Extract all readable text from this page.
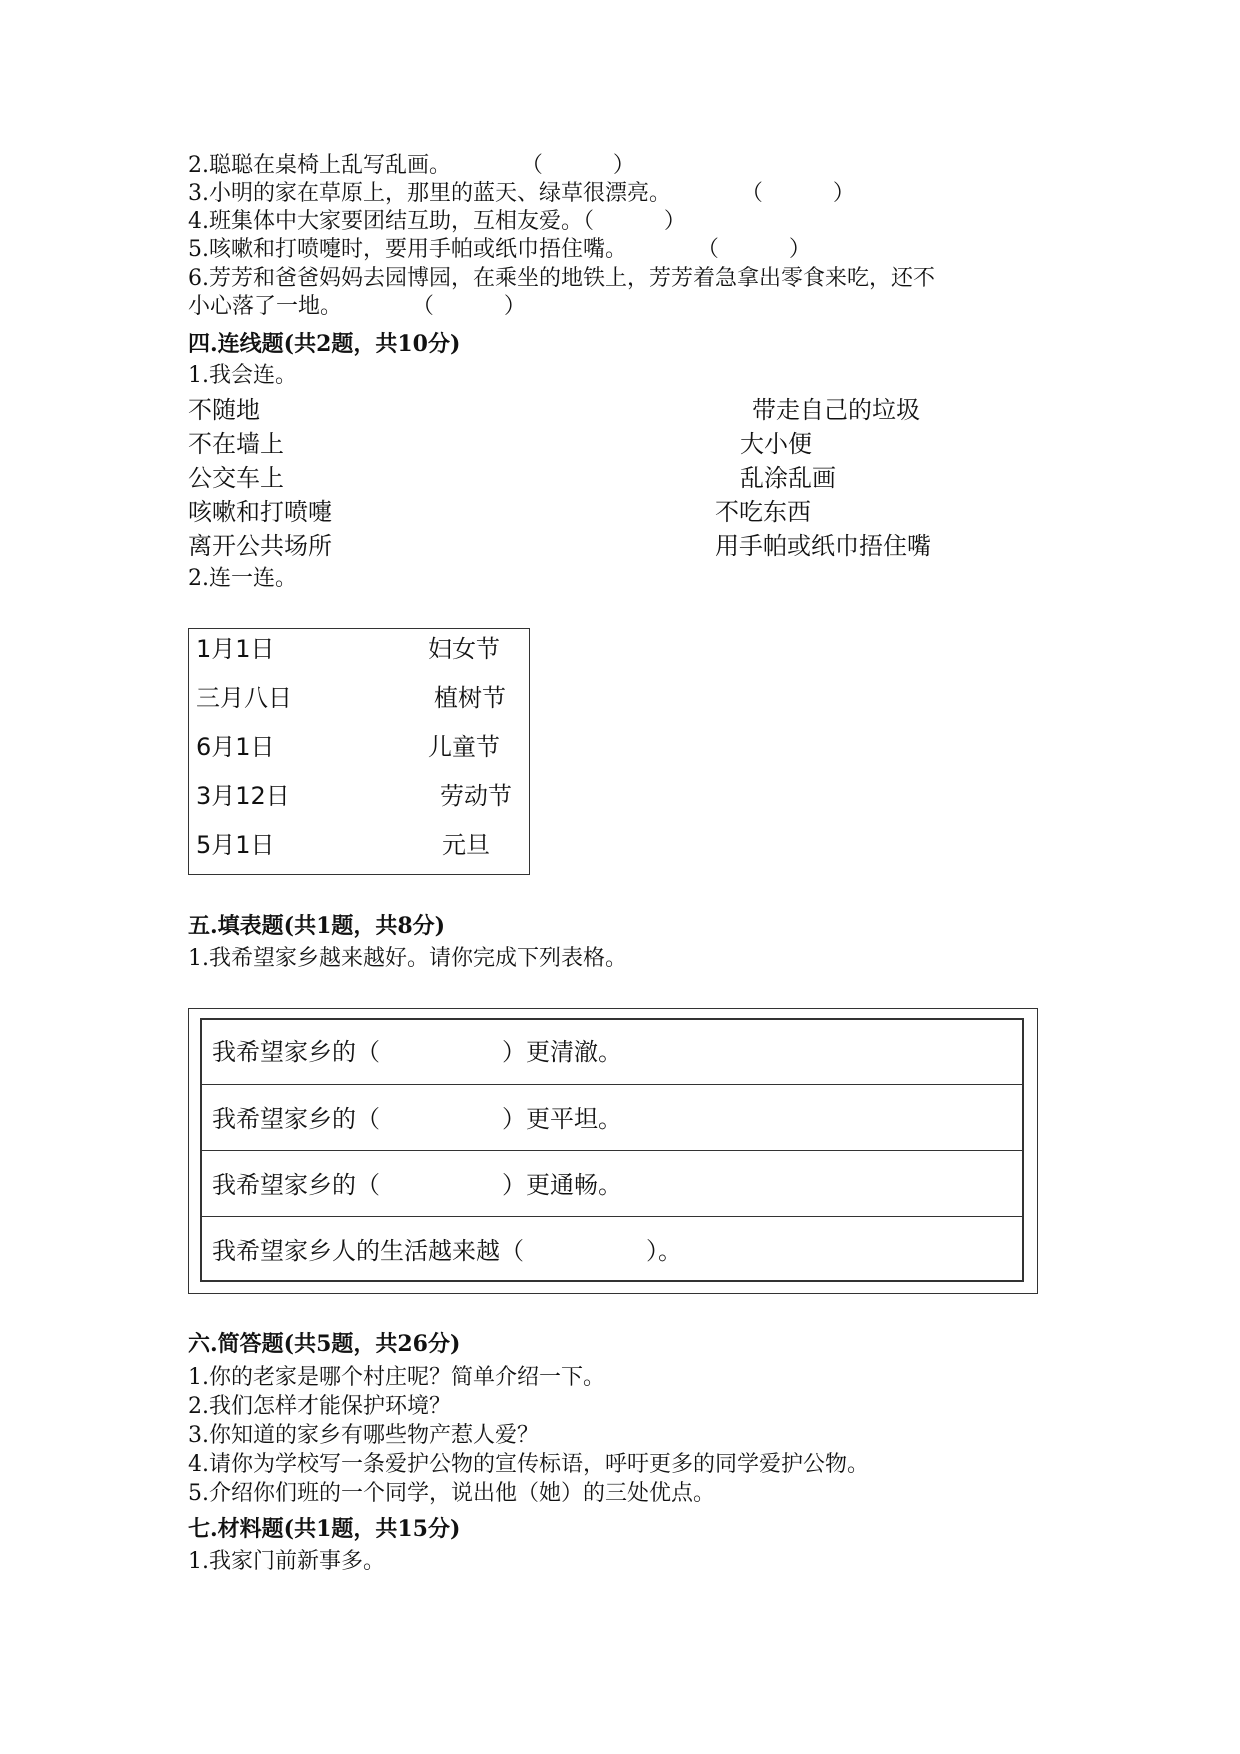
2.聪聪在桌椅上乱写乱画。          （          ）
3.小明的家在草原上，那里的蓝天、绿草很漂亮。          （          ）
4.班集体中大家要团结互助，互相友爱。（          ）
5.咳嗽和打喷嚏时，要用手帕或纸巾捂住嘴。          （          ）
6.芳芳和爸爸妈妈去园博园，在乘坐的地铁上，芳芳着急拿出零食来吃，还不
小心落了一地。          （          ）
四.连线题(共2题，共10分)
1.我会连。
不随地
不在墙上
公交车上
咳嗽和打喷嚏
离开公共场所
带走自己的垃圾
大小便
乱涂乱画
不吃东西
用手帕或纸巾捂住嘴
2.连一连。
1月1日
三月八日
6月1日
3月12日
5月1日
妇女节
植树节
儿童节
劳动节
元旦
五.填表题(共1题，共8分)
1.我希望家乡越来越好。请你完成下列表格。
我希望家乡的（                ）更清澈。
我希望家乡的（                ）更平坦。
我希望家乡的（                ）更通畅。
我希望家乡人的生活越来越（                ）。
六.简答题(共5题，共26分)
1.你的老家是哪个村庄呢？简单介绍一下。
2.我们怎样才能保护环境？
3.你知道的家乡有哪些物产惹人爱？
4.请你为学校写一条爱护公物的宣传标语，呼吁更多的同学爱护公物。
5.介绍你们班的一个同学，说出他（她）的三处优点。
七.材料题(共1题，共15分)
1.我家门前新事多。
